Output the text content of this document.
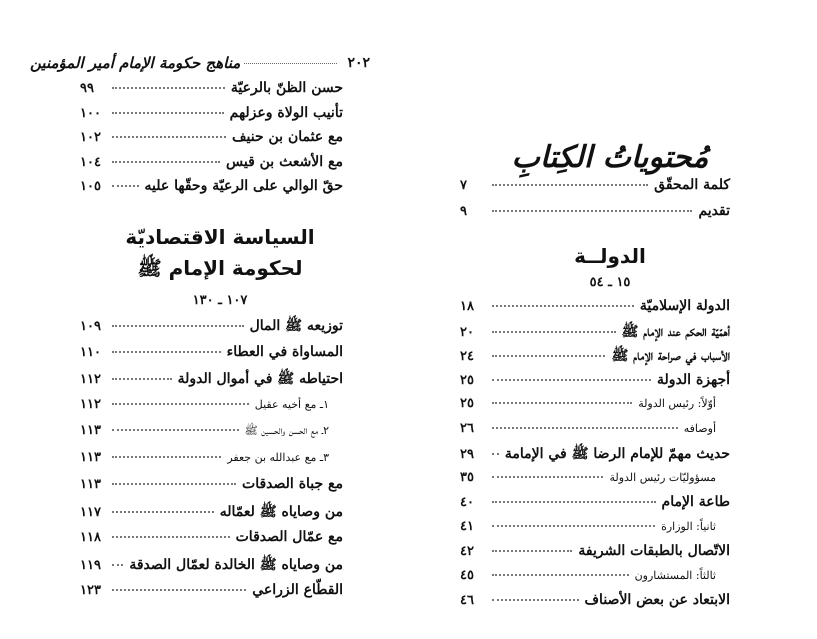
٢٠٢
مناهج حكومة الإمام أمير المؤمنين
حسن الظنّ بالرعيّة
٩٩
تأنيب الولاة وعزلهم
١٠٠
مع عثمان بن حنيف
١٠٢
مع الأشعث بن قيس
١٠٤
حقّ الوالي على الرعيّة وحقّها عليه
١٠٥
السياسة الاقتصاديّة
لحكومة الإمام ﷺ
١٠٧ ـ ١٣٠
توزيعه ﷺ المال
١٠٩
المساواة في العطاء
١١٠
احتياطه ﷺ في أموال الدولة
١١٢
١ـ مع أخيه عقيل
١١٢
٢ـ مع الحسن والحسين ﷺ
١١٣
٣ـ مع عبدالله بن جعفر
١١٣
مع جباة الصدقات
١١٣
من وصاياه ﷺ لعمّاله
١١٧
مع عمّال الصدقات
١١٨
من وصاياه ﷺ الخالدة لعمّال الصدقة
١١٩
القطّاع الزراعي
١٢٣
مُحتوياتُ الكِتابِ
كلمة المحقّق
٧
تقديم
٩
الدولــة
١٥ ـ ٥٤
الدولة الإسلاميّة
١٨
أهمّيّة الحكم عند الإمام ﷺ
٢٠
الأسباب في صراحة الإمام ﷺ
٢٤
أجهزة الدولة
٢٥
أوّلاً: رئيس الدولة
٢٥
أوصافه
٢٦
حديث مهمّ للإمام الرضا ﷺ في الإمامة
٢٩
مسؤوليّات رئيس الدولة
٣٥
طاعة الإمام
٤٠
ثانياً: الوزارة
٤١
الاتّصال بالطبقات الشريفة
٤٢
ثالثاً: المستشارون
٤٥
الابتعاد عن بعض الأصناف
٤٦
